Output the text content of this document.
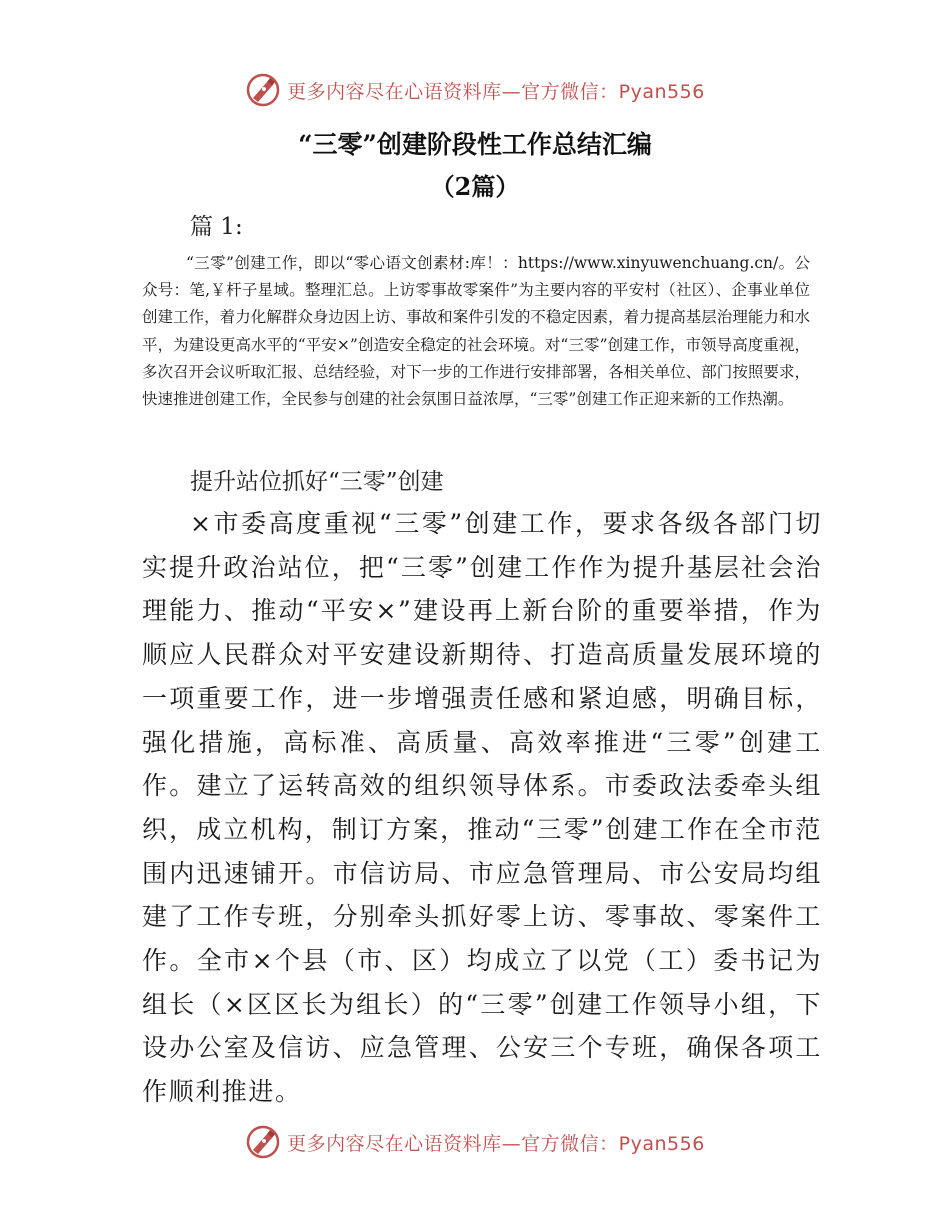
更多内容尽在心语资料库—官方微信：Pyan556
“三零”创建阶段性工作总结汇编
（2篇）
篇 1:

“三零”创建工作，即以“零心语文创素材:库！：https://www.xinyuwenchuang.cn/。公众号：笔,￥杆子星域。整理汇总。上访零事故零案件”为主要内容的平安村（社区）、企事业单位创建工作，着力化解群众身边因上访、事故和案件引发的不稳定因素，着力提高基层治理能力和水平，为建设更高水平的“平安×”创造安全稳定的社会环境。对“三零”创建工作，市领导高度重视，多次召开会议听取汇报、总结经验，对下一步的工作进行安排部署，各相关单位、部门按照要求，快速推进创建工作，全民参与创建的社会氛围日益浓厚，“三零”创建工作正迎来新的工作热潮。

提升站位抓好“三零”创建

×市委高度重视“三零”创建工作，要求各级各部门切实提升政治站位，把“三零”创建工作作为提升基层社会治理能力、推动“平安×”建设再上新台阶的重要举措，作为顺应人民群众对平安建设新期待、打造高质量发展环境的一项重要工作，进一步增强责任感和紧迫感，明确目标，强化措施，高标准、高质量、高效率推进“三零”创建工作。建立了运转高效的组织领导体系。市委政法委牵头组织，成立机构，制订方案，推动“三零”创建工作在全市范围内迅速铺开。市信访局、市应急管理局、市公安局均组建了工作专班，分别牵头抓好零上访、零事故、零案件工作。全市×个县（市、区）均成立了以党（工）委书记为组长（×区区长为组长）的“三零”创建工作领导小组，下设办公室及信访、应急管理、公安三个专班，确保各项工作顺利推进。

更多内容尽在心语资料库—官方微信：Pyan556
